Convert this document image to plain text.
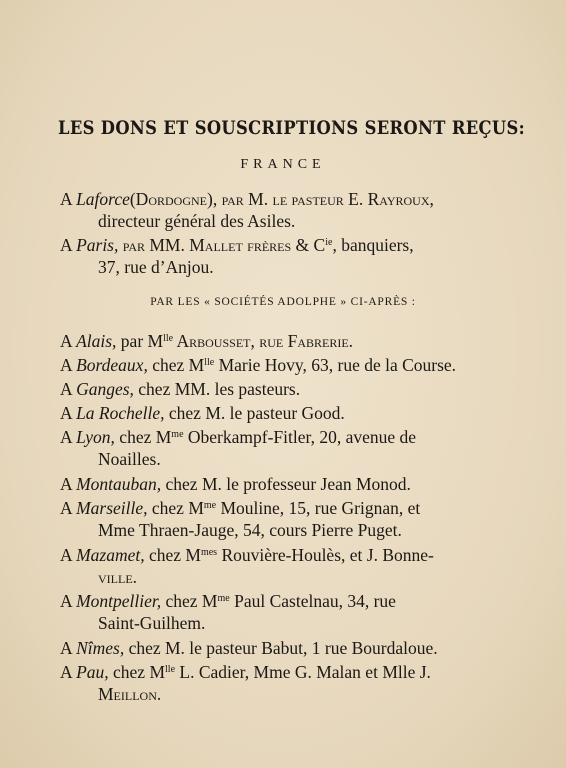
LES DONS ET SOUSCRIPTIONS SERONT REÇUS:
FRANCE
A Laforce(Dordogne), par M. le pasteur E. Rayroux,
directeur général des Asiles.
A Paris, par MM. Mallet frères & $C^{ie}$, banquiers,
37, rue d’Anjou.
PAR LES « SOCIÉTÉS ADOLPHE » CI-APRÈS :
A Alais, par $M^{lle}$ Arbousset, rue Fabrerie.
A Bordeaux, chez $M^{lle}$ Marie Hovy, 63, rue de la Course.
A Ganges, chez MM. les pasteurs.
A La Rochelle, chez M. le pasteur Good.
A Lyon, chez $M^{me}$ Oberkampf-Fitler, 20, avenue de
Noailles.
A Montauban, chez M. le professeur Jean Monod.
A Marseille, chez $M^{me}$ Mouline, 15, rue Grignan, et
Mme Thraen-Jauge, 54, cours Pierre Puget.
A Mazamet, chez $M^{mes}$ Rouvière-Houlès, et J. Bonne-
ville.
A Montpellier, chez $M^{me}$ Paul Castelnau, 34, rue
Saint-Guilhem.
A Nîmes, chez M. le pasteur Babut, 1 rue Bourdaloue.
A Pau, chez $M^{lle}$ L. Cadier, Mme G. Malan et Mlle J.
Meillon.
